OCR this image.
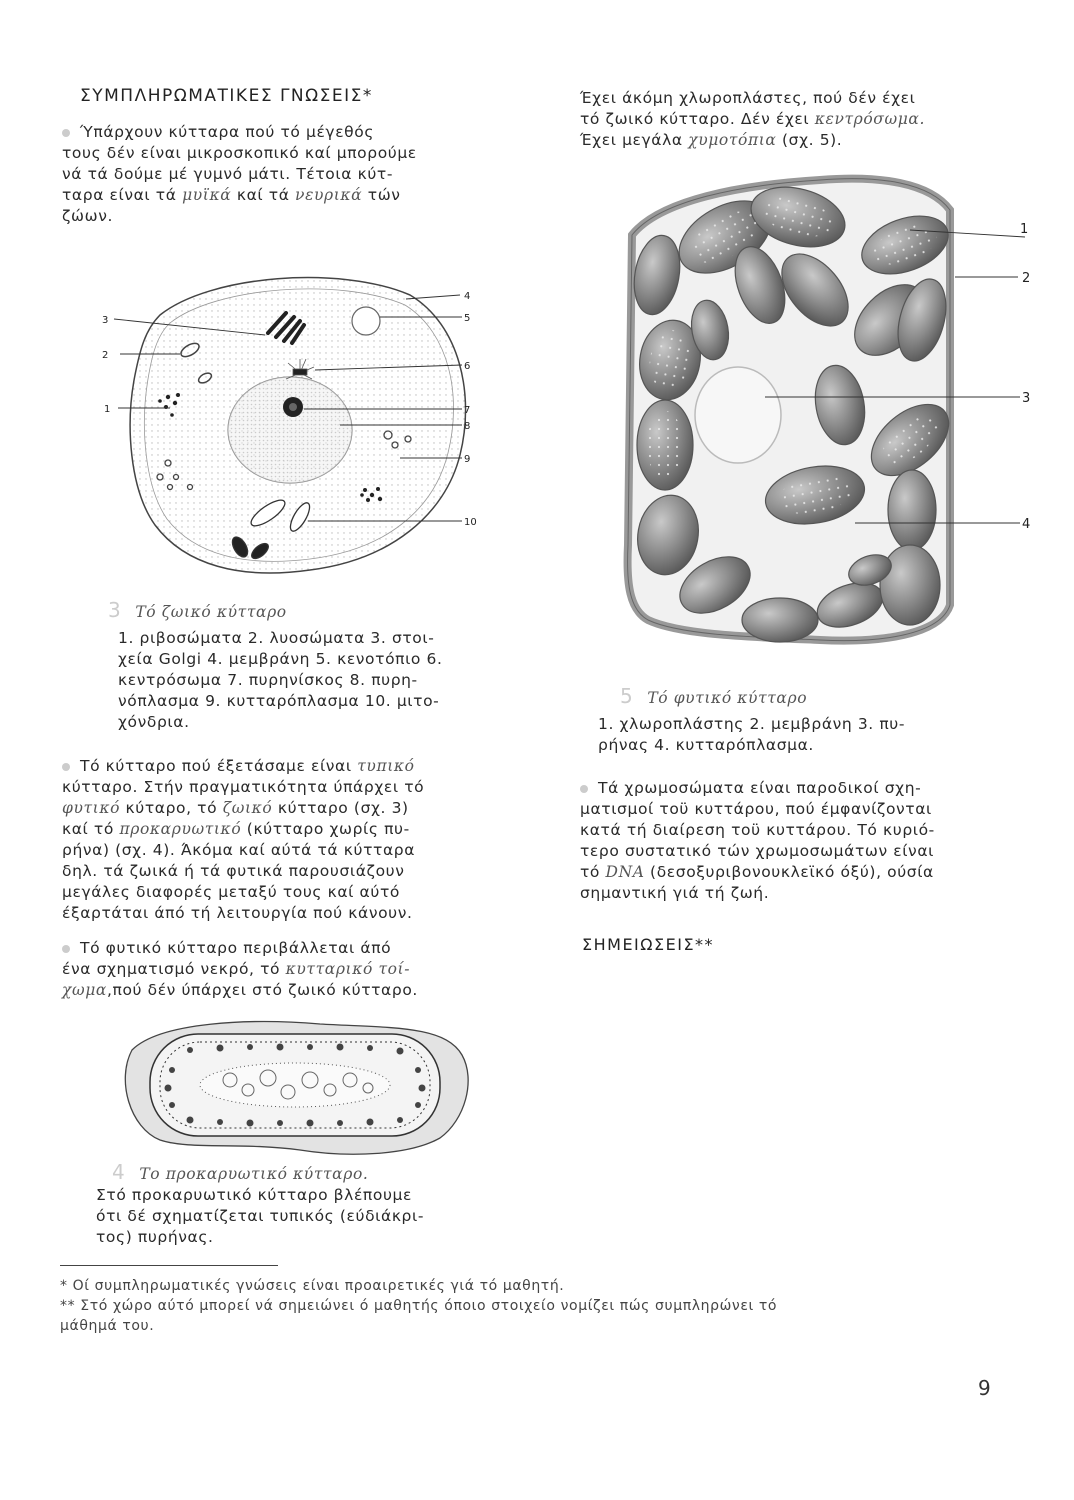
ΣΥΜΠΛΗΡΩΜΑΤΙΚΕΣ ΓΝΩΣΕΙΣ*
Ύπάρχουν κύτταρα πού τό μέγεθός
τους δέν είναι μικροσκοπικό καί μπορούμε
νά τά δούμε μέ γυμνό μάτι. Τέτοια κύτ-
ταρα είναι τά μυϊκά καί τά νευρικά τών
ζώων.
Έχει άκόμη χλωροπλάστες, πού δέν έχει
τό ζωικό κύτταρο. Δέν έχει κεντρόσωμα.
Έχει μεγάλα χυμοτόπια (σχ. 5).
3
4
2
5
6
1	7
8
9
10
3 Τό ζωικό κύτταρο
1. ριβοσώματα 2. λυοσώματα 3. στοι-
χεία Golgi 4. μεμβράνη 5. κενοτόπιο 6.
κεντρόσωμα 7. πυρηνίσκος 8. πυρη-
νόπλασμα 9. κυτταρόπλασμα 10. μιτο-
χόνδρια.
Τό κύτταρο πού έξετάσαμε είναι τυπικό
κύτταρο. Στήν πραγματικότητα ύπάρχει τό
φυτικό κύταρο, τό ζωικό κύτταρο (σχ. 3)
καί τό προκαρυωτικό (κύτταρο χωρίς πυ-
ρήνα) (σχ. 4). Άκόμα καί αύτά τά κύτταρα
δηλ. τά ζωικά ή τά φυτικά παρουσιάζουν
μεγάλες διαφορές μεταξύ τους καί αύτό
έξαρτάται άπό τή λειτουργία πού κάνουν.
Τό φυτικό κύτταρο περιβάλλεται άπό
ένα σχηματισμό νεκρό, τό κυτταρικό τοί-
χωμα,πού δέν ύπάρχει στό ζωικό κύτταρο.
4 Το προκαρυωτικό κύτταρο.
Στό προκαρυωτικό κύτταρο βλέπουμε
ότι δέ σχηματίζεται τυπικός (εύδιάκρι-
τος) πυρήνας.
1
2
3
4
5 Τό φυτικό κύτταρο
1. χλωροπλάστης 2. μεμβράνη 3. πυ-
ρήνας 4. κυτταρόπλασμα.
Τά χρωμοσώματα είναι παροδικοί σχη-
ματισμοί τοϋ κυττάρου, πού έμφανίζονται
κατά τή διαίρεση τοϋ κυττάρου. Τό κυριό-
τερο συστατικό τών χρωμοσωμάτων είναι
τό DNA (δεσοξυριβονουκλεϊκό όξύ), ούσία
σημαντική γιά τή ζωή.
ΣΗΜΕΙΩΣΕΙΣ**
* Οί συμπληρωματικές γνώσεις είναι προαιρετικές γιά τό μαθητή.
** Στό χώρο αύτό μπορεί νά σημειώνει ό μαθητής όποιο στοιχείο νομίζει πώς συμπληρώνει τό
μάθημά του.
9
